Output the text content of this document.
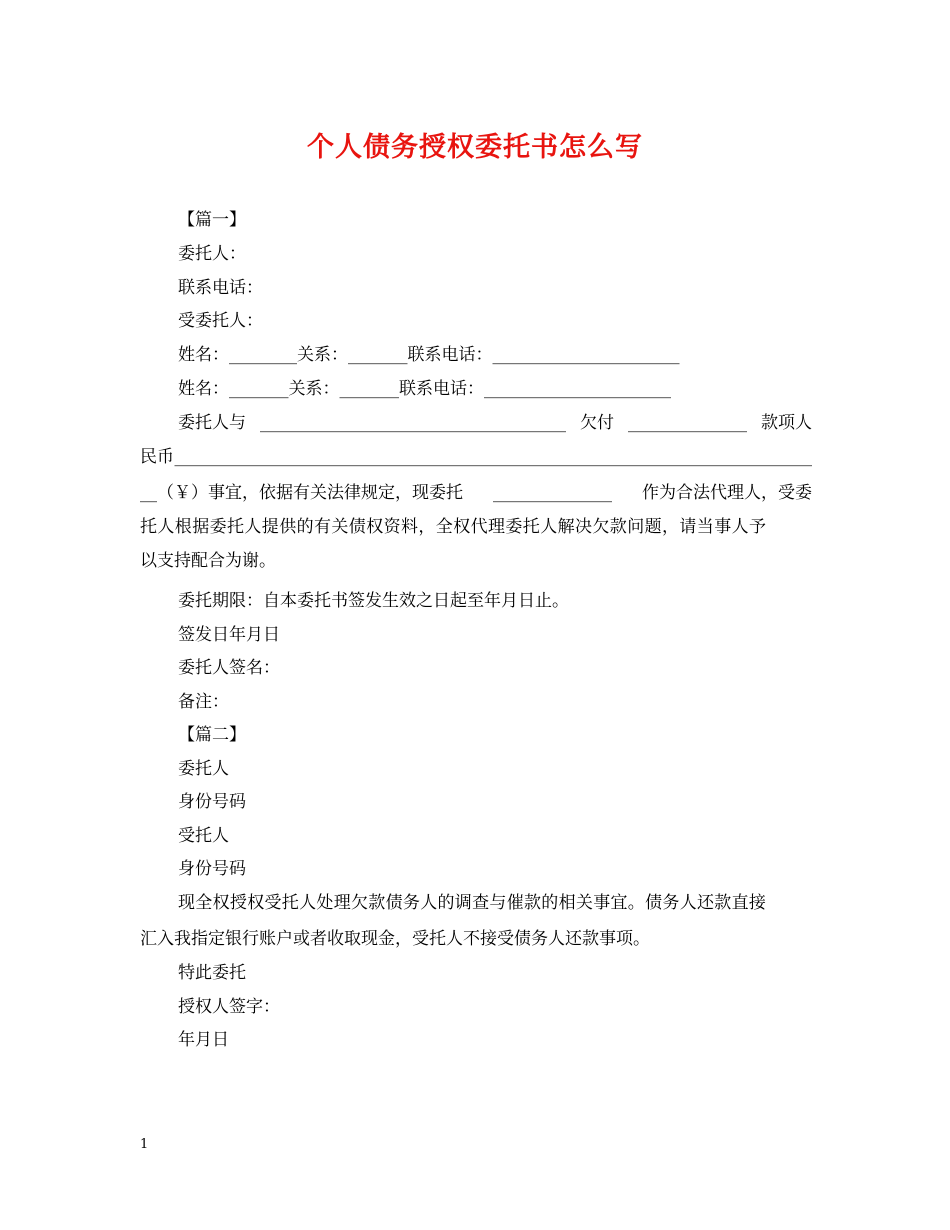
个人债务授权委托书怎么写
【篇一】
委托人：
联系电话：
受委托人：
姓名：________关系：_______联系电话：______________________
姓名：_______关系：_______联系电话：______________________
委托人与 ____________________________________ 欠付 ______________ 款项人
民币 ___________________________________________________________________________
__（￥）事宜，依据有关法律规定，现委托 ______________ 作为合法代理人，受委
托人根据委托人提供的有关债权资料，全权代理委托人解决欠款问题，请当事人予
以支持配合为谢。
委托期限：自本委托书签发生效之日起至年月日止。
签发日年月日
委托人签名：
备注：
【篇二】
委托人
身份号码
受托人
身份号码
现全权授权受托人处理欠款债务人的调查与催款的相关事宜。债务人还款直接
汇入我指定银行账户或者收取现金，受托人不接受债务人还款事项。
特此委托
授权人签字：
年月日
1
